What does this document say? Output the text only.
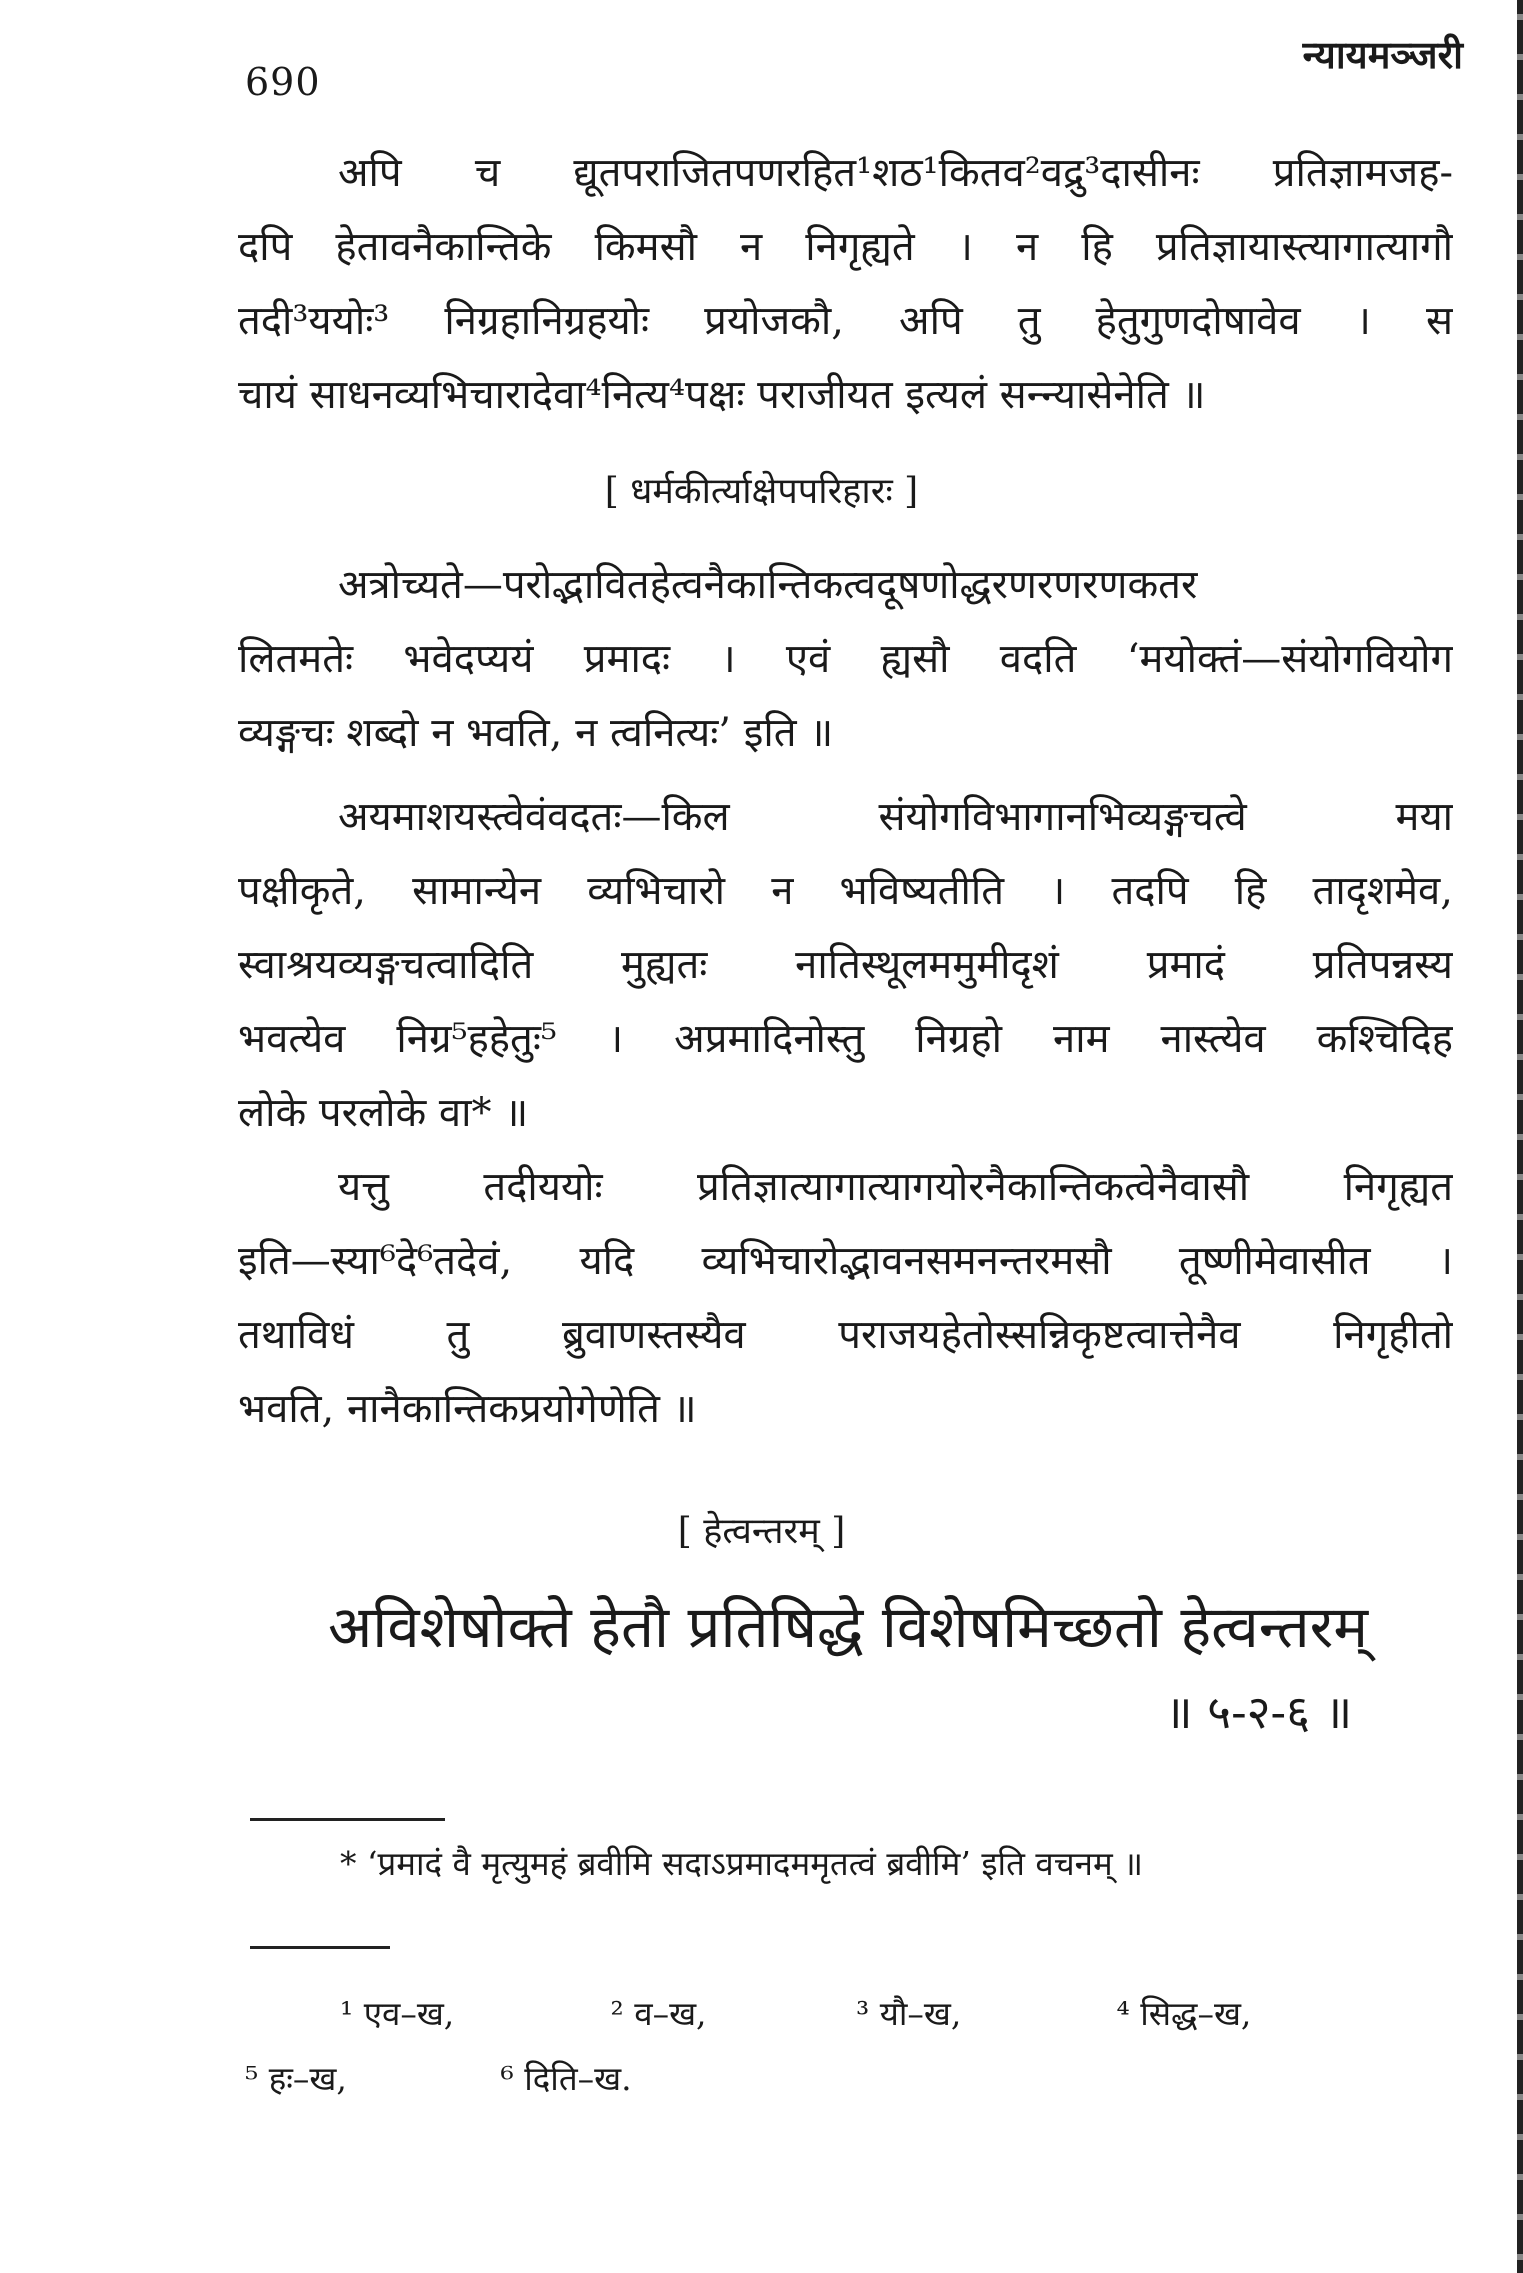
690
न्यायमञ्जरी
अपि च द्यूतपराजितपणरहित¹शठ¹कितव²वद्रु³दासीनः प्रतिज्ञामजह-
दपि हेतावनैकान्तिके किमसौ न निगृह्यते । न हि प्रतिज्ञायास्त्यागात्यागौ
तदी³ययोः³ निग्रहानिग्रहयोः प्रयोजकौ, अपि तु हेतुगुणदोषावेव । स
चायं साधनव्यभिचारादेवा⁴नित्य⁴पक्षः पराजीयत इत्यलं सन्न्यासेनेति ॥
[ धर्मकीर्त्याक्षेपपरिहारः ]
अत्रोच्यते—परोद्भावितहेत्वनैकान्तिकत्वदूषणोद्धरणरणरणकतर
लितमतेः भवेदप्ययं प्रमादः । एवं ह्यसौ वदति ‘मयोक्तं—संयोगवियोग
व्यङ्गचः शब्दो न भवति, न त्वनित्यः’ इति ॥
अयमाशयस्त्वेवंवदतः—किल संयोगविभागानभिव्यङ्गचत्वे मया
पक्षीकृते, सामान्येन व्यभिचारो न भविष्यतीति । तदपि हि तादृशमेव,
स्वाश्रयव्यङ्गचत्वादिति मुह्यतः नातिस्थूलममुमीदृशं प्रमादं प्रतिपन्नस्य
भवत्येव निग्र⁵हहेतुः⁵ । अप्रमादिनोस्तु निग्रहो नाम नास्त्येव कश्चिदिह
लोके परलोके वा* ॥
यत्तु तदीययोः प्रतिज्ञात्यागात्यागयोरनैकान्तिकत्वेनैवासौ निगृह्यत
इति—स्या⁶दे⁶तदेवं, यदि व्यभिचारोद्भावनसमनन्तरमसौ तूष्णीमेवासीत ।
तथाविधं तु ब्रुवाणस्तस्यैव पराजयहेतोस्सन्निकृष्टत्वात्तेनैव निगृहीतो
भवति, नानैकान्तिकप्रयोगेणेति ॥
[ हेत्वन्तरम् ]
अविशेषोक्ते हेतौ प्रतिषिद्धे विशेषमिच्छतो हेत्वन्तरम्
॥ ५-२-६ ॥
* ‘प्रमादं वै मृत्युमहं ब्रवीमि सदाऽप्रमादममृतत्वं ब्रवीमि’ इति वचनम् ॥
¹ एव–ख,	² व–ख,	³ यौ–ख,	⁴ सिद्ध–ख,
⁵ हः–ख,	⁶ दिति–ख.
